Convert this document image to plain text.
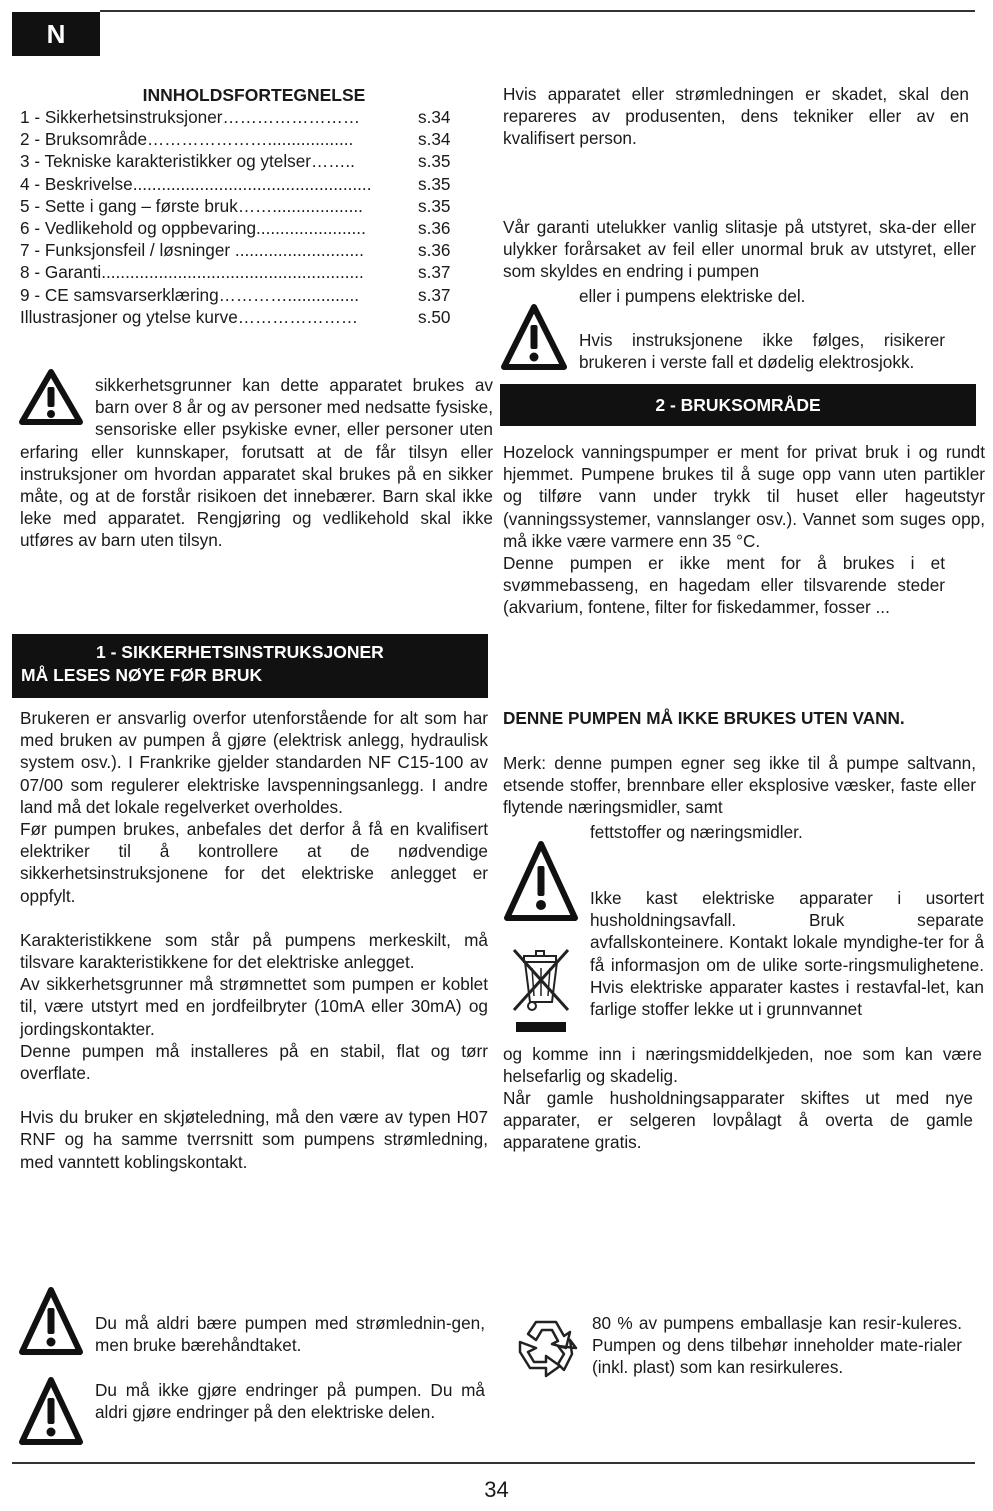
N
INNHOLDSFORTEGNELSE
1 - Sikkerhetsinstruksjoner……………………	s.34
2 - Bruksområde…………………..................	s.34
3 - Tekniske karakteristikker og ytelser……..	s.35
4 - Beskrivelse..................................................	s.35
5 - Sette i gang – første bruk……...................	s.35
6 - Vedlikehold og oppbevaring.......................	s.36
7 - Funksjonsfeil / løsninger ...........................	s.36
8 - Garanti.......................................................	s.37
9 - CE samsvarserklæring…………...............	s.37
Illustrasjoner og ytelse kurve…………………	s.50

sikkerhetsgrunner kan dette apparatet brukes av barn over 8 år og av personer med nedsatte fysiske, sensoriske eller psykiske evner, eller personer uten erfaring eller kunnskaper, forutsatt at de får tilsyn eller instruksjoner om hvordan apparatet skal brukes på en sikker måte, og at de forstår risikoen det innebærer. Barn skal ikke leke med apparatet. Rengjøring og vedlikehold skal ikke utføres av barn uten tilsyn.

1 - SIKKERHETSINSTRUKSJONER
MÅ LESES NØYE FØR BRUK

Brukeren er ansvarlig overfor utenforstående for alt som har med bruken av pumpen å gjøre (elektrisk anlegg, hydraulisk system osv.). I Frankrike gjelder standarden NF C15-100 av 07/00 som regulerer elektriske lavspenningsanlegg. I andre land må det lokale regelverket overholdes.

Før pumpen brukes, anbefales det derfor å få en kvalifisert elektriker til å kontrollere at de nødvendige sikkerhetsinstruksjonene for det elektriske anlegget er oppfylt.

Karakteristikkene som står på pumpens merkeskilt, må tilsvare karakteristikkene for det elektriske anlegget.

Av sikkerhetsgrunner må strømnettet som pumpen er koblet til, være utstyrt med en jordfeilbryter (10mA eller 30mA) og jordingskontakter.

Denne pumpen må installeres på en stabil, flat og tørr overflate.

Hvis du bruker en skjøteledning, må den være av typen H07 RNF og ha samme tverrsnitt som pumpens strømledning, med vanntett koblingskontakt.

Du må aldri bære pumpen med strømlednin-gen, men bruke bærehåndtaket.

Du må ikke gjøre endringer på pumpen. Du må aldri gjøre endringer på den elektriske delen.

Hvis apparatet eller strømledningen er skadet, skal den repareres av produsenten, dens tekniker eller av en kvalifisert person.

Vår garanti utelukker vanlig slitasje på utstyret, ska-der eller ulykker forårsaket av feil eller unormal bruk av utstyret, eller som skyldes en endring i pumpen

eller i pumpens elektriske del.

Hvis instruksjonene ikke følges, risikerer brukeren i verste fall et dødelig elektrosjokk.

2 - BRUKSOMRÅDE

Hozelock vanningspumper er ment for privat bruk i og rundt hjemmet. Pumpene brukes til å suge opp vann uten partikler og tilføre vann under trykk til huset eller hageutstyr (vanningssystemer, vannslanger osv.). Vannet som suges opp, må ikke være varmere enn 35 °C.

Denne pumpen er ikke ment for å brukes i et svømmebasseng, en hagedam eller tilsvarende steder (akvarium, fontene, filter for fiskedammer, fosser ...

DENNE PUMPEN MÅ IKKE BRUKES UTEN VANN.

Merk: denne pumpen egner seg ikke til å pumpe saltvann, etsende stoffer, brennbare eller eksplosive væsker, faste eller flytende næringsmidler, samt

fettstoffer og næringsmidler.

Ikke kast elektriske apparater i usortert husholdningsavfall. Bruk separate avfallskonteinere. Kontakt lokale myndighe-ter for å få informasjon om de ulike sorte-ringsmulighetene. Hvis elektriske apparater kastes i restavfal-let, kan farlige stoffer lekke ut i grunnvannet

og komme inn i næringsmiddelkjeden, noe som kan være helsefarlig og skadelig.

Når gamle husholdningsapparater skiftes ut med nye apparater, er selgeren lovpålagt å overta de gamle apparatene gratis.

80 % av pumpens emballasje kan resir-kuleres. Pumpen og dens tilbehør inneholder mate-rialer (inkl. plast) som kan resirkuleres.

34
